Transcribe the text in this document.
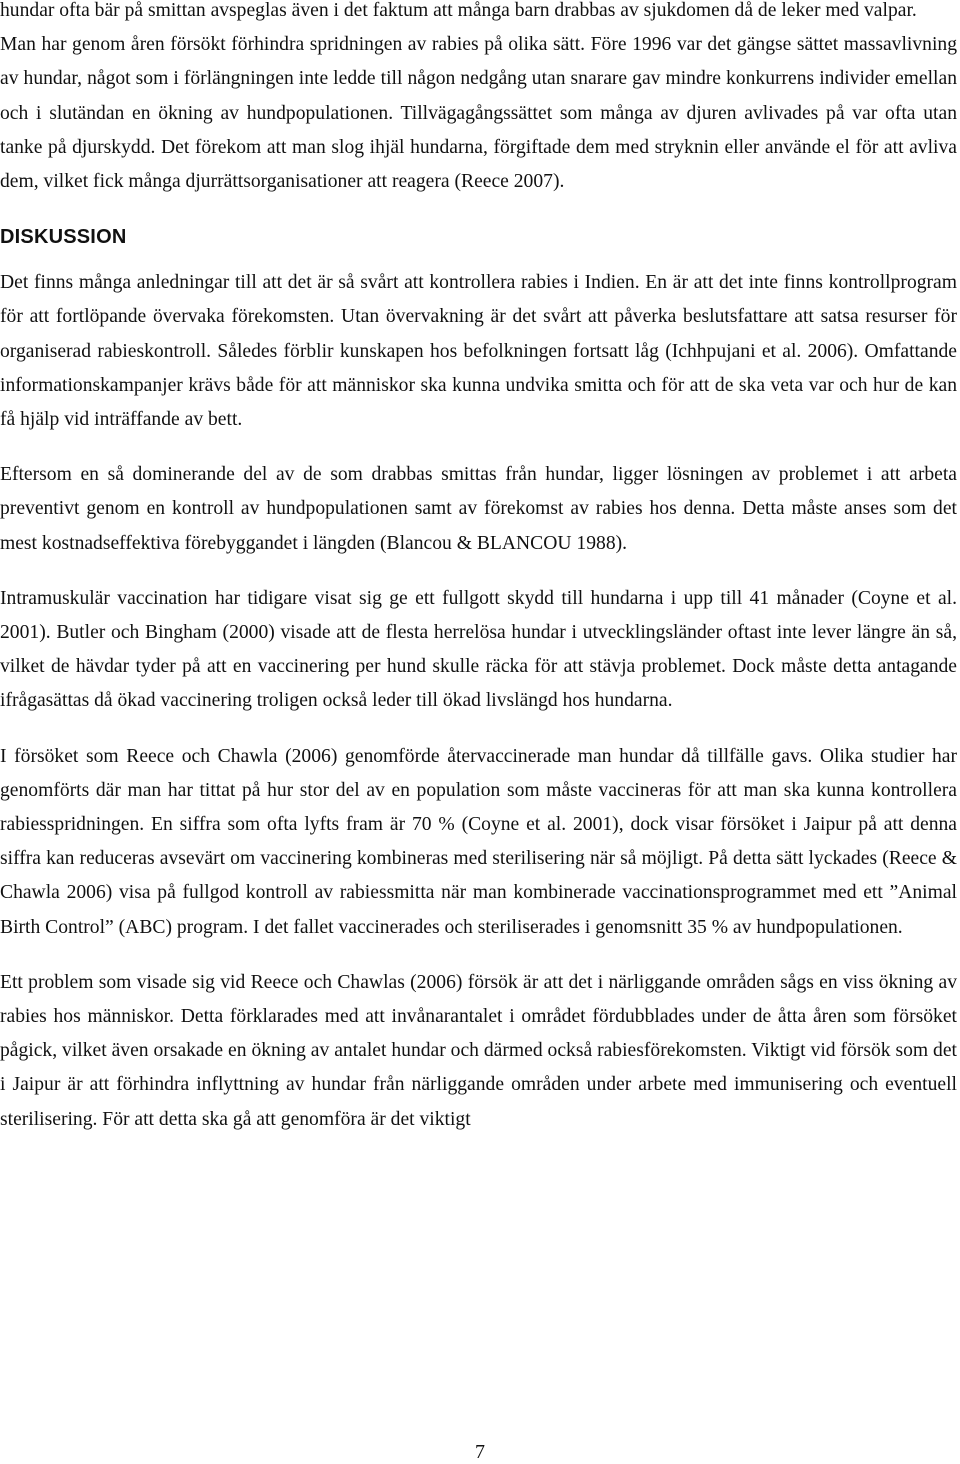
hundar ofta bär på smittan avspeglas även i det faktum att många barn drabbas av sjukdomen då de leker med valpar.

Man har genom åren försökt förhindra spridningen av rabies på olika sätt. Före 1996 var det gängse sättet massavlivning av hundar, något som i förlängningen inte ledde till någon nedgång utan snarare gav mindre konkurrens individer emellan och i slutändan en ökning av hundpopulationen. Tillvägagångssättet som många av djuren avlivades på var ofta utan tanke på djurskydd. Det förekom att man slog ihjäl hundarna, förgiftade dem med stryknin eller använde el för att avliva dem, vilket fick många djurrättsorganisationer att reagera (Reece 2007).

DISKUSSION

Det finns många anledningar till att det är så svårt att kontrollera rabies i Indien. En är att det inte finns kontrollprogram för att fortlöpande övervaka förekomsten. Utan övervakning är det svårt att påverka beslutsfattare att satsa resurser för organiserad rabieskontroll. Således förblir kunskapen hos befolkningen fortsatt låg (Ichhpujani et al. 2006). Omfattande informationskampanjer krävs både för att människor ska kunna undvika smitta och för att de ska veta var och hur de kan få hjälp vid inträffande av bett.

Eftersom en så dominerande del av de som drabbas smittas från hundar, ligger lösningen av problemet i att arbeta preventivt genom en kontroll av hundpopulationen samt av förekomst av rabies hos denna. Detta måste anses som det mest kostnadseffektiva förebyggandet i längden (Blancou & BLANCOU 1988).

Intramuskulär vaccination har tidigare visat sig ge ett fullgott skydd till hundarna i upp till 41 månader (Coyne et al. 2001). Butler och Bingham (2000) visade att de flesta herrelösa hundar i utvecklingsländer oftast inte lever längre än så, vilket de hävdar tyder på att en vaccinering per hund skulle räcka för att stävja problemet. Dock måste detta antagande ifrågasättas då ökad vaccinering troligen också leder till ökad livslängd hos hundarna.

I försöket som Reece och Chawla (2006) genomförde återvaccinerade man hundar då tillfälle gavs. Olika studier har genomförts där man har tittat på hur stor del av en population som måste vaccineras för att man ska kunna kontrollera rabiesspridningen. En siffra som ofta lyfts fram är 70 % (Coyne et al. 2001), dock visar försöket i Jaipur på att denna siffra kan reduceras avsevärt om vaccinering kombineras med sterilisering när så möjligt. På detta sätt lyckades (Reece & Chawla 2006) visa på fullgod kontroll av rabiessmitta när man kombinerade vaccinationsprogrammet med ett ”Animal Birth Control” (ABC) program. I det fallet vaccinerades och steriliserades i genomsnitt 35 % av hundpopulationen.

Ett problem som visade sig vid Reece och Chawlas (2006) försök är att det i närliggande områden sågs en viss ökning av rabies hos människor. Detta förklarades med att invånarantalet i området fördubblades under de åtta åren som försöket pågick, vilket även orsakade en ökning av antalet hundar och därmed också rabiesförekomsten. Viktigt vid försök som det i Jaipur är att förhindra inflyttning av hundar från närliggande områden under arbete med immunisering och eventuell sterilisering. För att detta ska gå att genomföra är det viktigt

7
